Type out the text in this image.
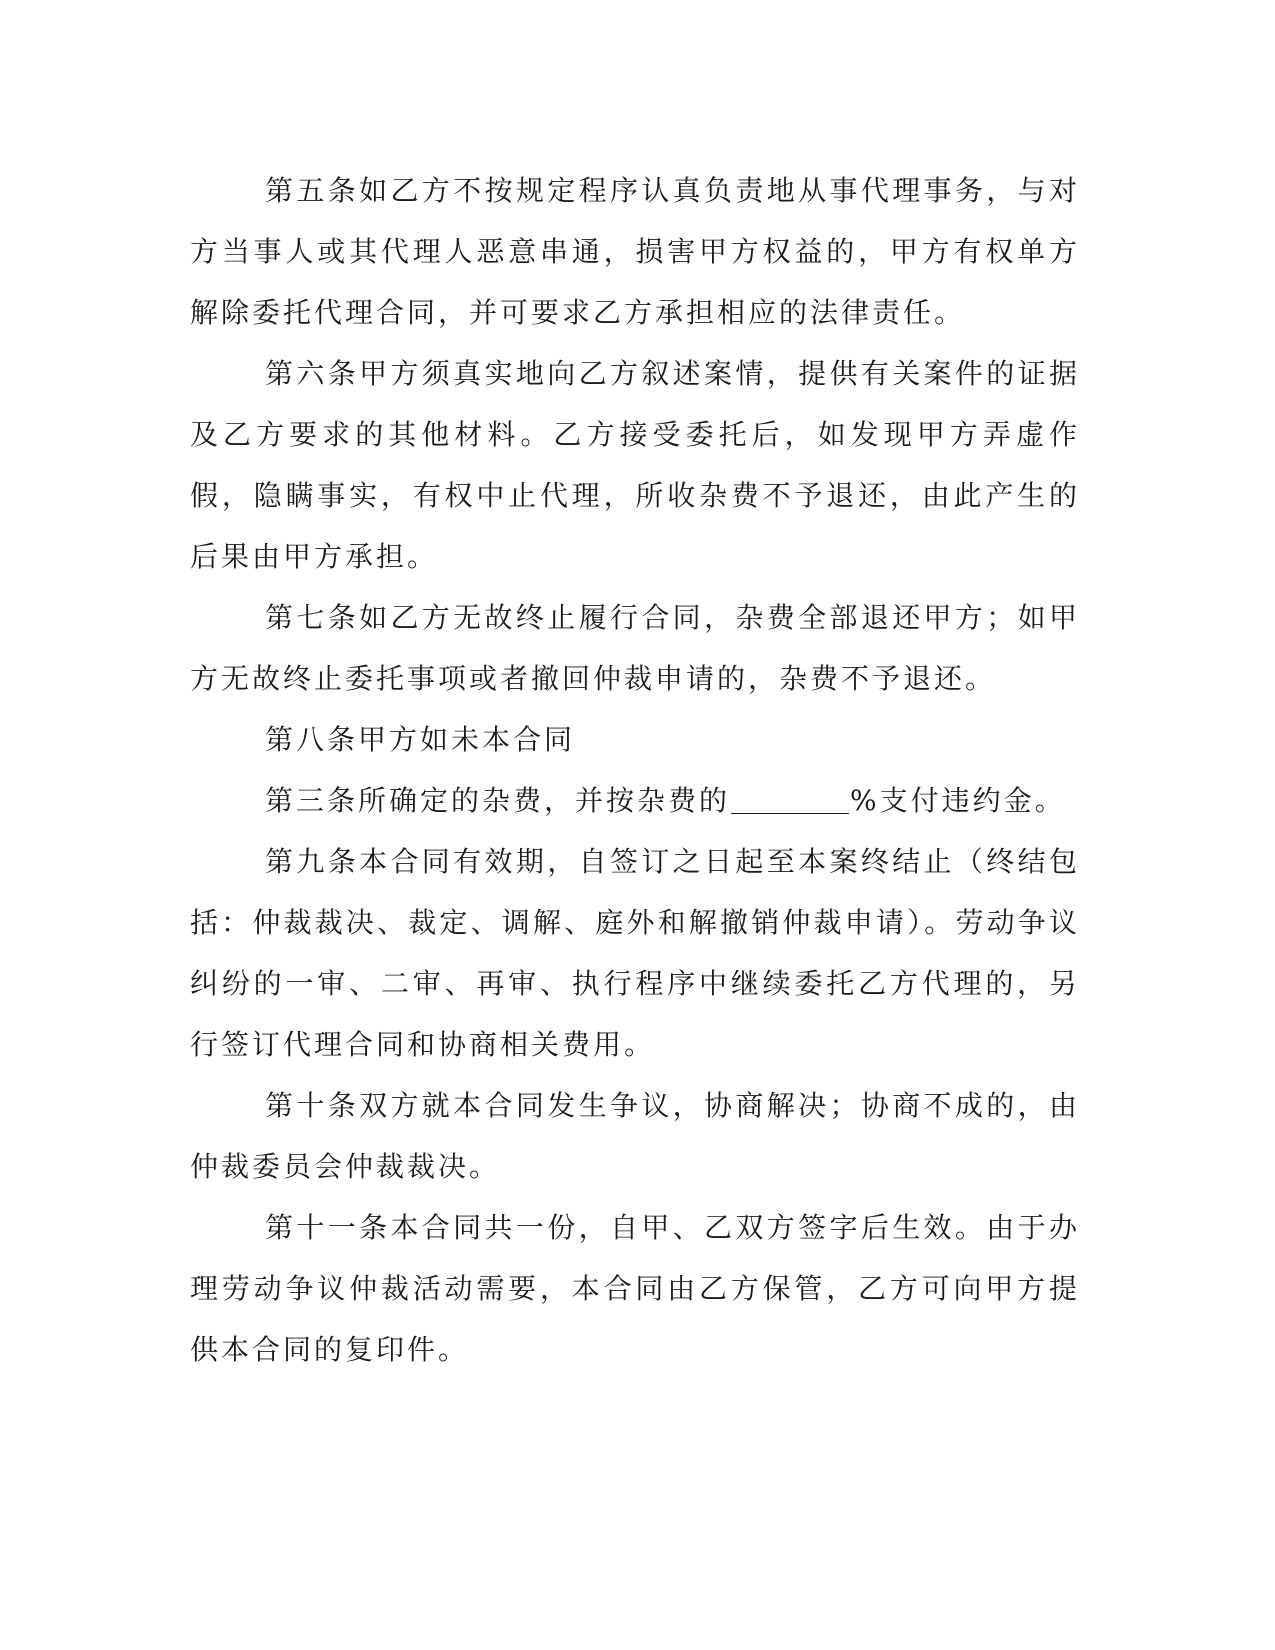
第五条如乙方不按规定程序认真负责地从事代理事务，与对方当事人或其代理人恶意串通，损害甲方权益的，甲方有权单方解除委托代理合同，并可要求乙方承担相应的法律责任。

第六条甲方须真实地向乙方叙述案情，提供有关案件的证据及乙方要求的其他材料。乙方接受委托后，如发现甲方弄虚作假，隐瞒事实，有权中止代理，所收杂费不予退还，由此产生的后果由甲方承担。

第七条如乙方无故终止履行合同，杂费全部退还甲方；如甲方无故终止委托事项或者撤回仲裁申请的，杂费不予退还。

第八条甲方如未本合同

第三条所确定的杂费，并按杂费的	%支付违约金。

第九条本合同有效期，自签订之日起至本案终结止（终结包括：仲裁裁决、裁定、调解、庭外和解撤销仲裁申请）。劳动争议纠纷的一审、二审、再审、执行程序中继续委托乙方代理的，另行签订代理合同和协商相关费用。

第十条双方就本合同发生争议，协商解决；协商不成的，由仲裁委员会仲裁裁决。

第十一条本合同共一份，自甲、乙双方签字后生效。由于办理劳动争议仲裁活动需要，本合同由乙方保管，乙方可向甲方提供本合同的复印件。
